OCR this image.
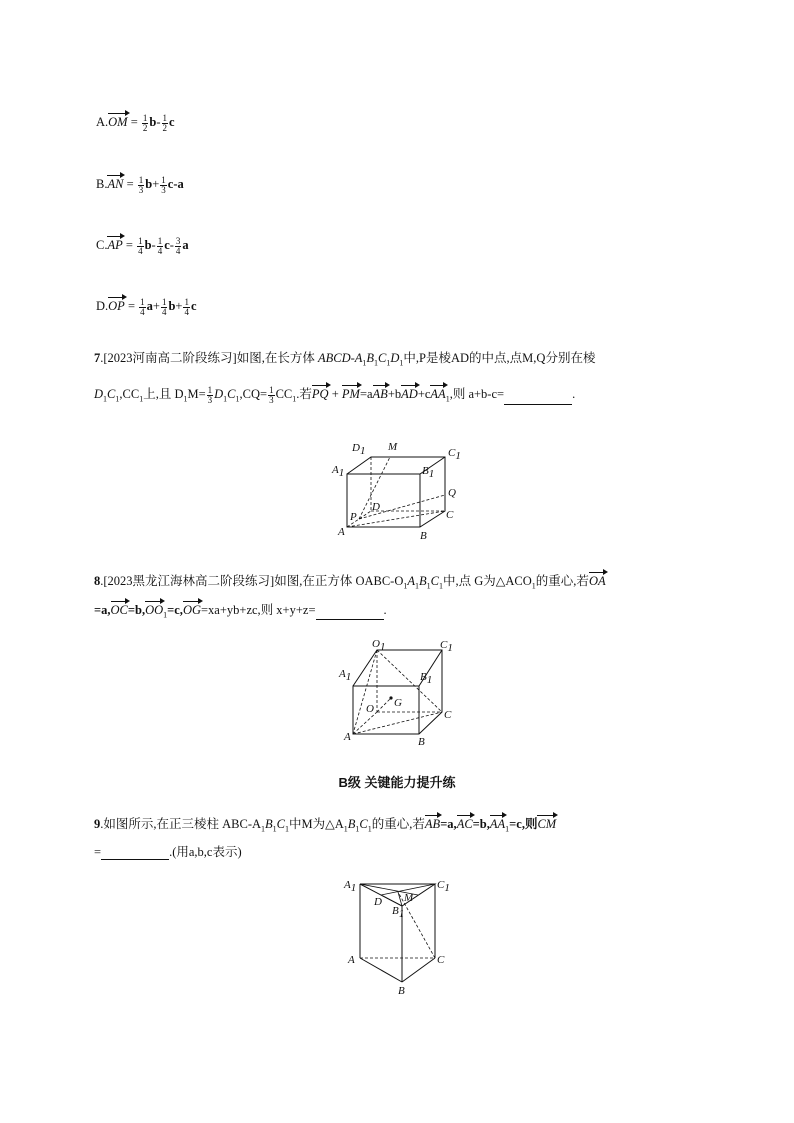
$A.OM = \frac{1}{2} b- \frac{1}{2}$ c
$B.AN = \frac{1}{3} b+ \frac{1}{3} c-a$
$C.AP = \frac{1}{4} b- \frac{1}{4} c- \frac{3}{4}$ a
$D.OP = \frac{1}{4} a+ \frac{1}{4} b+ \frac{1}{4}$ c
7.[2023河南高二阶段练习]如图,在长方体 ABCD-$A_1B_1C_1D_1$中,P是棱AD的中点,点M,Q分别在棱
$D_1C_1,CC_1$上,且 $D_1M= \frac{1}{3} D_1C_1,CQ= \frac{1}{3} CC_1$.若PQ + PM=aAB+bAD+cAA$_1$,则 a+b-c=	.
D1 M	C1
A1	B1
Q
D
P	C
A	B
8.[2023黑龙江海林高二阶段练习]如图,在正方体 OABC-$O_1A_1B_1C_1$中,点 G为$\triangle ACO_1$的重心,若OA
$=a,OC=b,OO_1=c,OG=xa+yb+zc$,则 x+y+z=	.
O1	C1
A1	B1
O G
C
A	B
B级 关键能力提升练
9.如图所示,在正三棱柱 ABC-$A_1B_1C_1$中M为$\triangle A_1B_1C_1$的重心,若$AB=a,AC=b,AA_1=c$,则CM
=	.(用a,b,c表示)
A1	C1
D M
B1
A	C
B
